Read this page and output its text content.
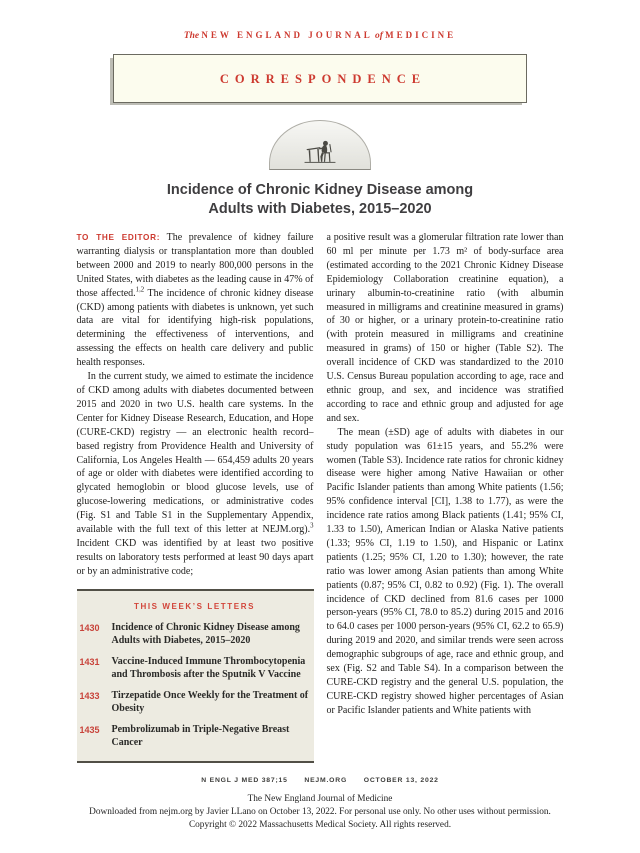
The NEW ENGLAND JOURNAL of MEDICINE
CORRESPONDENCE
Incidence of Chronic Kidney Disease among
Adults with Diabetes, 2015–2020

TO THE EDITOR: The prevalence of kidney failure warranting dialysis or transplantation more than doubled between 2000 and 2019 to nearly 800,000 persons in the United States, with diabetes as the leading cause in 47% of those affected.$^{1,2}$ The incidence of chronic kidney disease (CKD) among patients with diabetes is unknown, yet such data are vital for identifying high-risk populations, determining the effectiveness of interventions, and assessing the effects on health care delivery and public health responses.

In the current study, we aimed to estimate the incidence of CKD among adults with diabetes documented between 2015 and 2020 in two U.S. health care systems. In the Center for Kidney Disease Research, Education, and Hope (CURE-CKD) registry — an electronic health record–based registry from Providence Health and University of California, Los Angeles Health — 654,459 adults 20 years of age or older with diabetes were identified according to glycated hemoglobin or blood glucose levels, use of glucose-lowering medications, or administrative codes (Fig. S1 and Table S1 in the Supplementary Appendix, available with the full text of this letter at NEJM.org).$^3$ Incident CKD was identified by at least two positive results on laboratory tests performed at least 90 days apart or by an administrative code;

THIS WEEK’S LETTERS
1430 Incidence of Chronic Kidney Disease among Adults with Diabetes, 2015–2020
1431 Vaccine-Induced Immune Thrombocytopenia and Thrombosis after the Sputnik V Vaccine
1433 Tirzepatide Once Weekly for the Treatment of Obesity
1435 Pembrolizumab in Triple-Negative Breast Cancer

a positive result was a glomerular filtration rate lower than 60 ml per minute per 1.73 m² of body-surface area (estimated according to the 2021 Chronic Kidney Disease Epidemiology Collaboration creatinine equation), a urinary albumin-to-creatinine ratio (with albumin measured in milligrams and creatinine measured in grams) of 30 or higher, or a urinary protein-to-creatinine ratio (with protein measured in milligrams and creatinine measured in grams) of 150 or higher (Table S2). The overall incidence of CKD was standardized to the 2010 U.S. Census Bureau population according to age, race and ethnic group, and sex, and incidence was stratified according to race and ethnic group and adjusted for age and sex.

The mean (±SD) age of adults with diabetes in our study population was 61±15 years, and 55.2% were women (Table S3). Incidence rate ratios for chronic kidney disease were higher among Native Hawaiian or other Pacific Islander patients than among White patients (1.56; 95% confidence interval [CI], 1.38 to 1.77), as were the incidence rate ratios among Black patients (1.41; 95% CI, 1.33 to 1.50), American Indian or Alaska Native patients (1.33; 95% CI, 1.19 to 1.50), and Hispanic or Latinx patients (1.25; 95% CI, 1.20 to 1.30); however, the rate ratio was lower among Asian patients than among White patients (0.87; 95% CI, 0.82 to 0.92) (Fig. 1). The overall incidence of CKD declined from 81.6 cases per 1000 person-years (95% CI, 78.0 to 85.2) during 2015 and 2016 to 64.0 cases per 1000 person-years (95% CI, 62.2 to 65.9) during 2019 and 2020, and similar trends were seen across demographic subgroups of age, race and ethnic group, and sex (Fig. S2 and Table S4). In a comparison between the CURE-CKD registry and the general U.S. population, the CURE-CKD registry showed higher percentages of Asian or Pacific Islander patients and White patients with

N ENGL J MED 387;15 NEJM.ORG OCTOBER 13, 2022
The New England Journal of Medicine
Downloaded from nejm.org by Javier LLano on October 13, 2022. For personal use only. No other uses without permission.
Copyright © 2022 Massachusetts Medical Society. All rights reserved.
